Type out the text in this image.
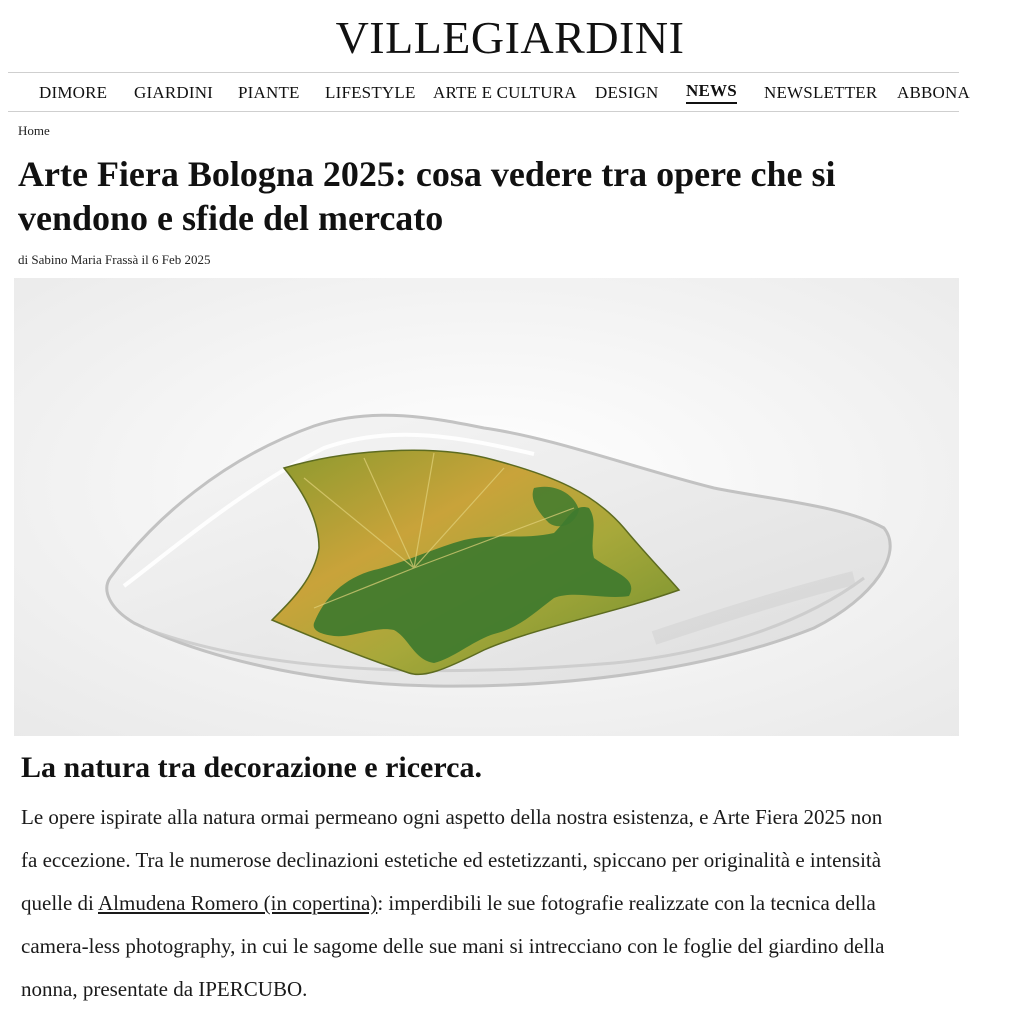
VILLEGIARDINI
DIMORE GIARDINI PIANTE LIFESTYLE ARTE E CULTURA DESIGN NEWS NEWSLETTER ABBONA
Home
Arte Fiera Bologna 2025: cosa vedere tra opere che si vendono e sfide del mercato
di Sabino Maria Frassà il 6 Feb 2025
La natura tra decorazione e ricerca.

Le opere ispirate alla natura ormai permeano ogni aspetto della nostra esistenza, e Arte Fiera 2025 non fa eccezione. Tra le numerose declinazioni estetiche ed estetizzanti, spiccano per originalità e intensità quelle di Almudena Romero (in copertina): imperdibili le sue fotografie realizzate con la tecnica della camera-less photography, in cui le sagome delle sue mani si intrecciano con le foglie del giardino della nonna, presentate da IPERCUBO.
